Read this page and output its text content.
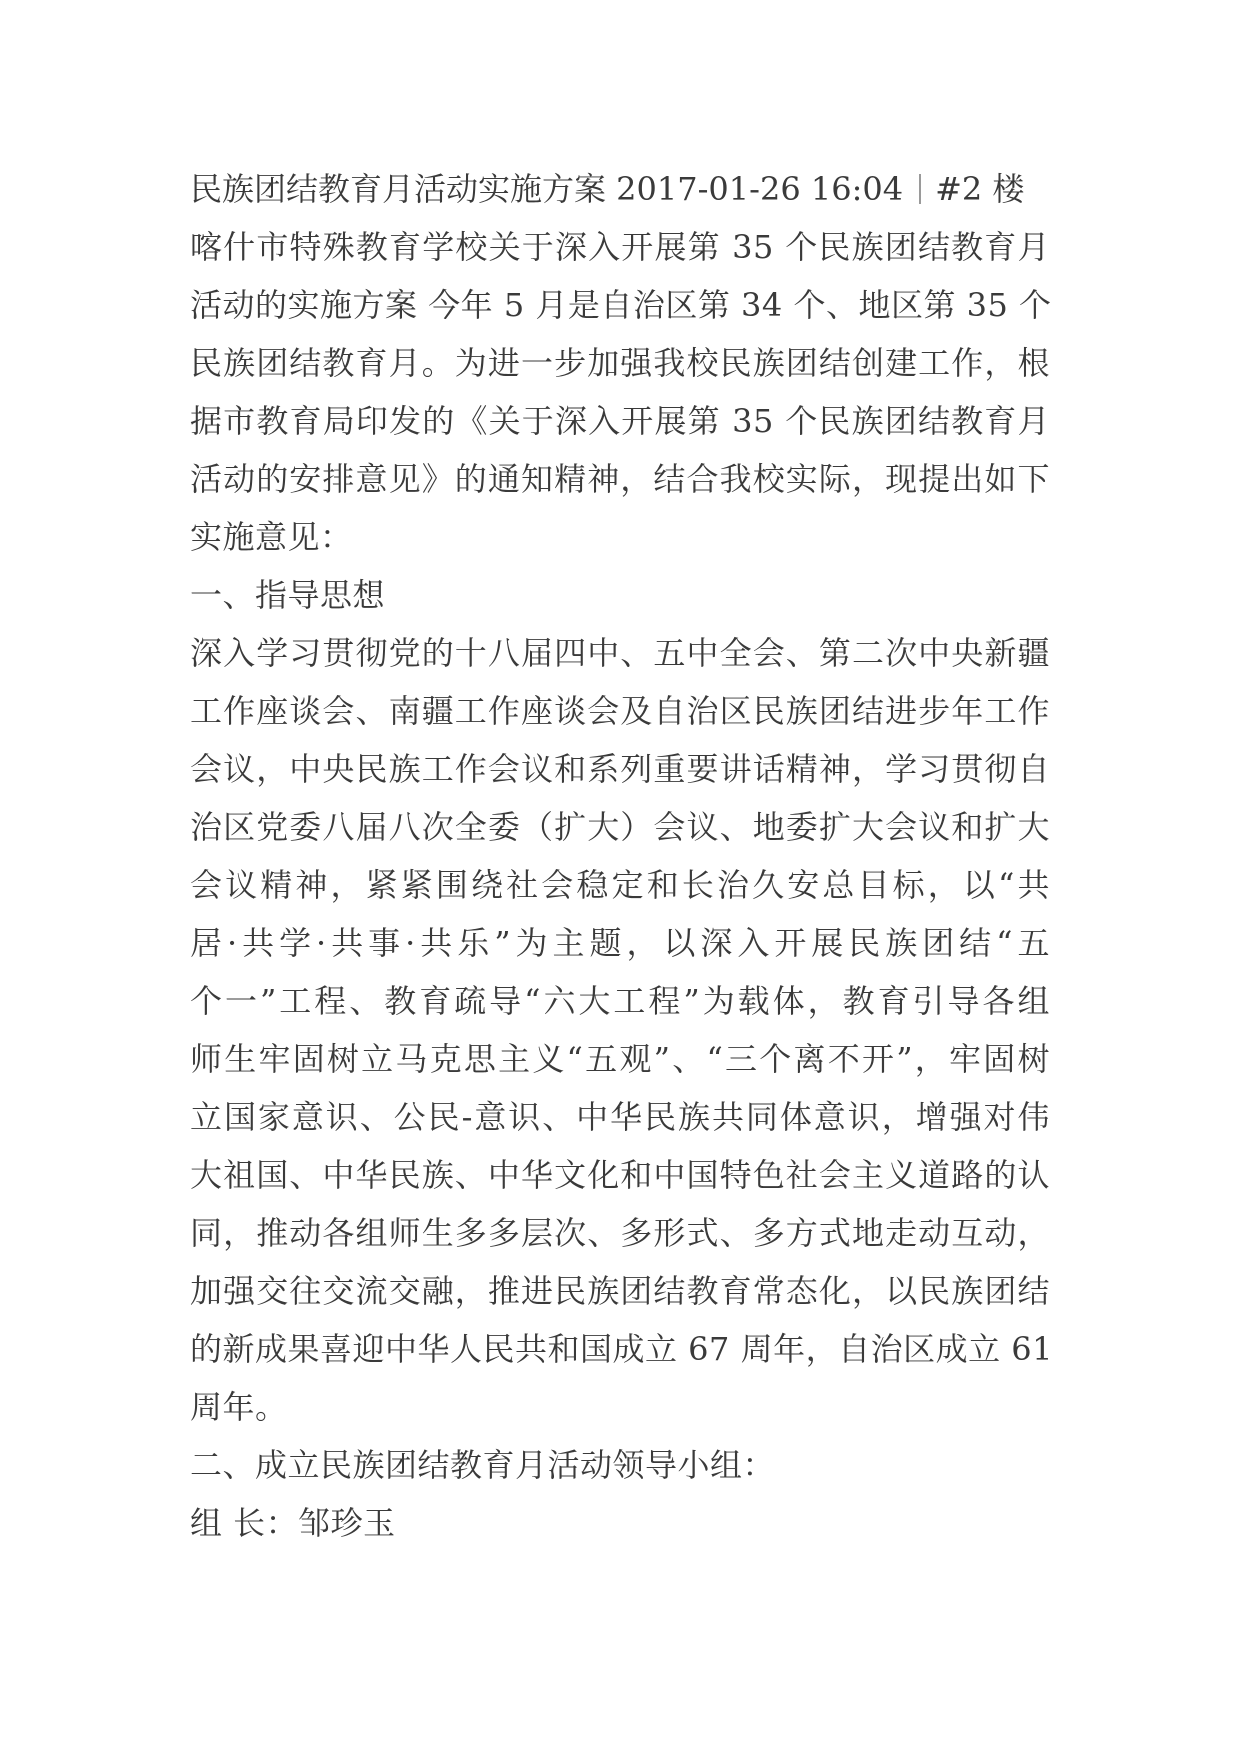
民族团结教育月活动实施方案 2017-01-26 16:04 #2 楼
喀什市特殊教育学校关于深入开展第 35 个民族团结教育月
活动的实施方案 今年 5 月是自治区第 34 个、地区第 35 个
民族团结教育月。为进一步加强我校民族团结创建工作，根
据市教育局印发的《关于深入开展第 35 个民族团结教育月
活动的安排意见》的通知精神，结合我校实际，现提出如下
实施意见：
一、指导思想
深入学习贯彻党的十八届四中、五中全会、第二次中央新疆
工作座谈会、南疆工作座谈会及自治区民族团结进步年工作
会议，中央民族工作会议和系列重要讲话精神，学习贯彻自
治区党委八届八次全委（扩大）会议、地委扩大会议和扩大
会议精神，紧紧围绕社会稳定和长治久安总目标，以“共
居·共学·共事·共乐”为主题，以深入开展民族团结“五
个一”工程、教育疏导“六大工程”为载体，教育引导各组
师生牢固树立马克思主义“五观”、“三个离不开”，牢固树
立国家意识、公民-意识、中华民族共同体意识，增强对伟
大祖国、中华民族、中华文化和中国特色社会主义道路的认
同，推动各组师生多多层次、多形式、多方式地走动互动，
加强交往交流交融，推进民族团结教育常态化，以民族团结
的新成果喜迎中华人民共和国成立 67 周年，自治区成立 61
周年。
二、成立民族团结教育月活动领导小组：
组 长：邹珍玉
